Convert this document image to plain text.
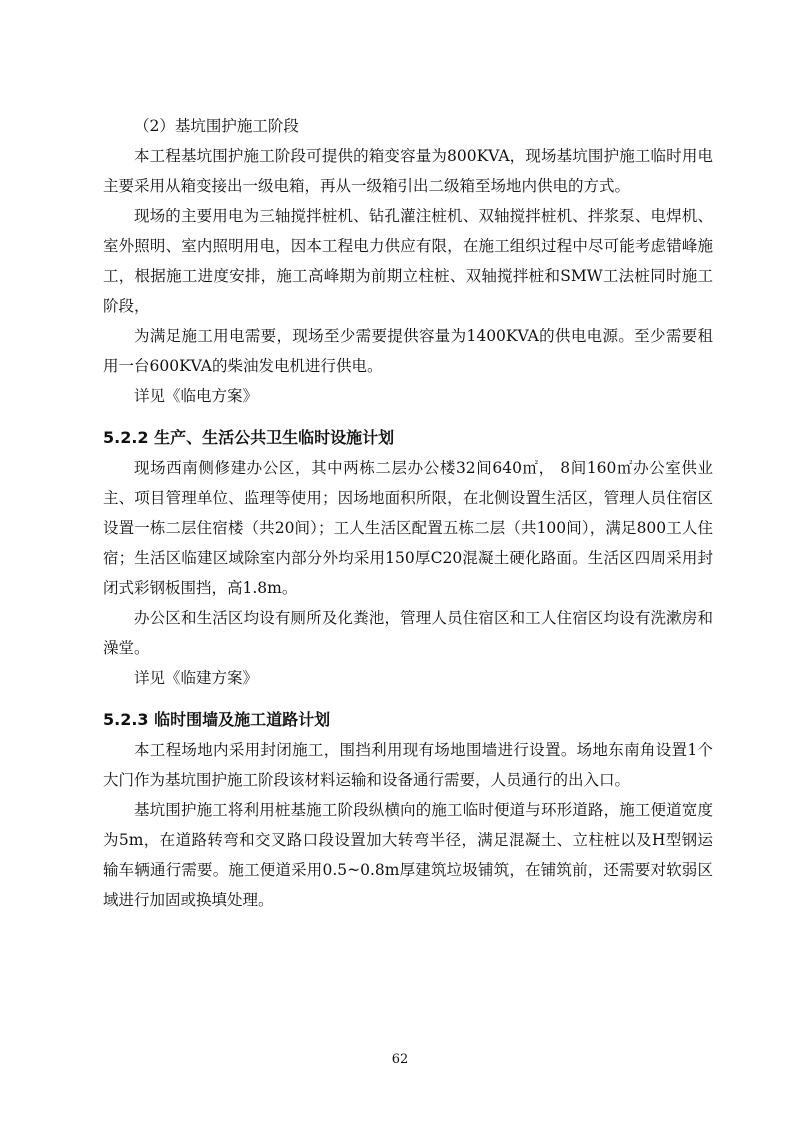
（2）基坑围护施工阶段

本工程基坑围护施工阶段可提供的箱变容量为800KVA，现场基坑围护施工临时用电主要采用从箱变接出一级电箱，再从一级箱引出二级箱至场地内供电的方式。

现场的主要用电为三轴搅拌桩机、钻孔灌注桩机、双轴搅拌桩机、拌浆泵、电焊机、室外照明、室内照明用电，因本工程电力供应有限，在施工组织过程中尽可能考虑错峰施工，根据施工进度安排，施工高峰期为前期立柱桩、双轴搅拌桩和SMW工法桩同时施工阶段，

为满足施工用电需要，现场至少需要提供容量为1400KVA的供电电源。至少需要租用一台600KVA的柴油发电机进行供电。

详见《临电方案》

5.2.2 生产、生活公共卫生临时设施计划

现场西南侧修建办公区，其中两栋二层办公楼32间640㎡， 8间160㎡办公室供业主、项目管理单位、监理等使用；因场地面积所限，在北侧设置生活区，管理人员住宿区设置一栋二层住宿楼（共20间）；工人生活区配置五栋二层（共100间），满足800工人住宿；生活区临建区域除室内部分外均采用150厚C20混凝土硬化路面。生活区四周采用封闭式彩钢板围挡，高1.8m。

办公区和生活区均设有厕所及化粪池，管理人员住宿区和工人住宿区均设有洗漱房和澡堂。

详见《临建方案》

5.2.3 临时围墙及施工道路计划

本工程场地内采用封闭施工，围挡利用现有场地围墙进行设置。场地东南角设置1个大门作为基坑围护施工阶段该材料运输和设备通行需要，人员通行的出入口。

基坑围护施工将利用桩基施工阶段纵横向的施工临时便道与环形道路，施工便道宽度为5m，在道路转弯和交叉路口段设置加大转弯半径，满足混凝土、立柱桩以及H型钢运输车辆通行需要。施工便道采用0.5~0.8m厚建筑垃圾铺筑，在铺筑前，还需要对软弱区域进行加固或换填处理。

62
